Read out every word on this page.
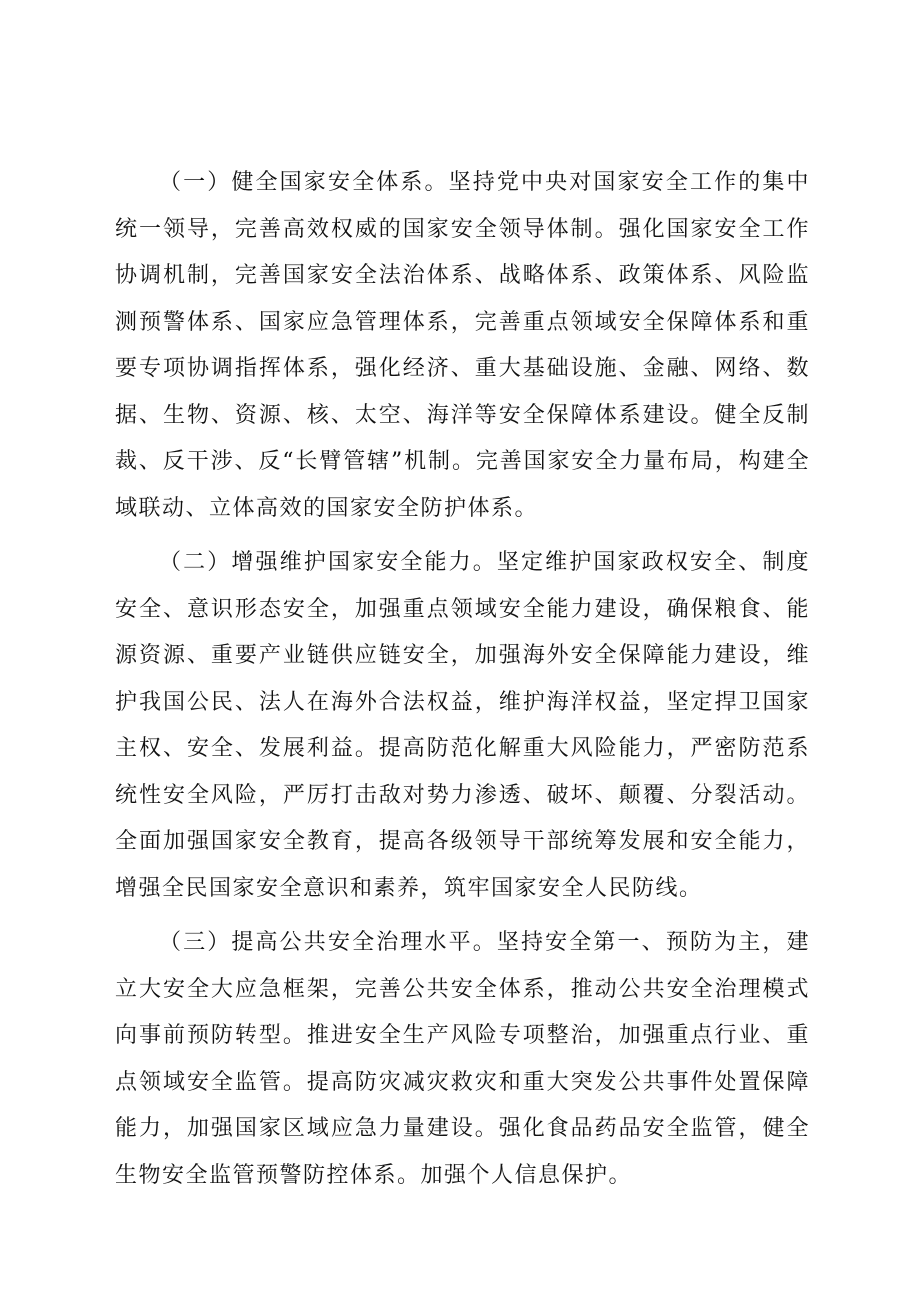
（一）健全国家安全体系。坚持党中央对国家安全工作的集中统一领导，完善高效权威的国家安全领导体制。强化国家安全工作协调机制，完善国家安全法治体系、战略体系、政策体系、风险监测预警体系、国家应急管理体系，完善重点领域安全保障体系和重要专项协调指挥体系，强化经济、重大基础设施、金融、网络、数据、生物、资源、核、太空、海洋等安全保障体系建设。健全反制裁、反干涉、反“长臂管辖”机制。完善国家安全力量布局，构建全域联动、立体高效的国家安全防护体系。

（二）增强维护国家安全能力。坚定维护国家政权安全、制度安全、意识形态安全，加强重点领域安全能力建设，确保粮食、能源资源、重要产业链供应链安全，加强海外安全保障能力建设，维护我国公民、法人在海外合法权益，维护海洋权益，坚定捍卫国家主权、安全、发展利益。提高防范化解重大风险能力，严密防范系统性安全风险，严厉打击敌对势力渗透、破坏、颠覆、分裂活动。全面加强国家安全教育，提高各级领导干部统筹发展和安全能力，增强全民国家安全意识和素养，筑牢国家安全人民防线。

（三）提高公共安全治理水平。坚持安全第一、预防为主，建立大安全大应急框架，完善公共安全体系，推动公共安全治理模式向事前预防转型。推进安全生产风险专项整治，加强重点行业、重点领域安全监管。提高防灾减灾救灾和重大突发公共事件处置保障能力，加强国家区域应急力量建设。强化食品药品安全监管，健全生物安全监管预警防控体系。加强个人信息保护。
